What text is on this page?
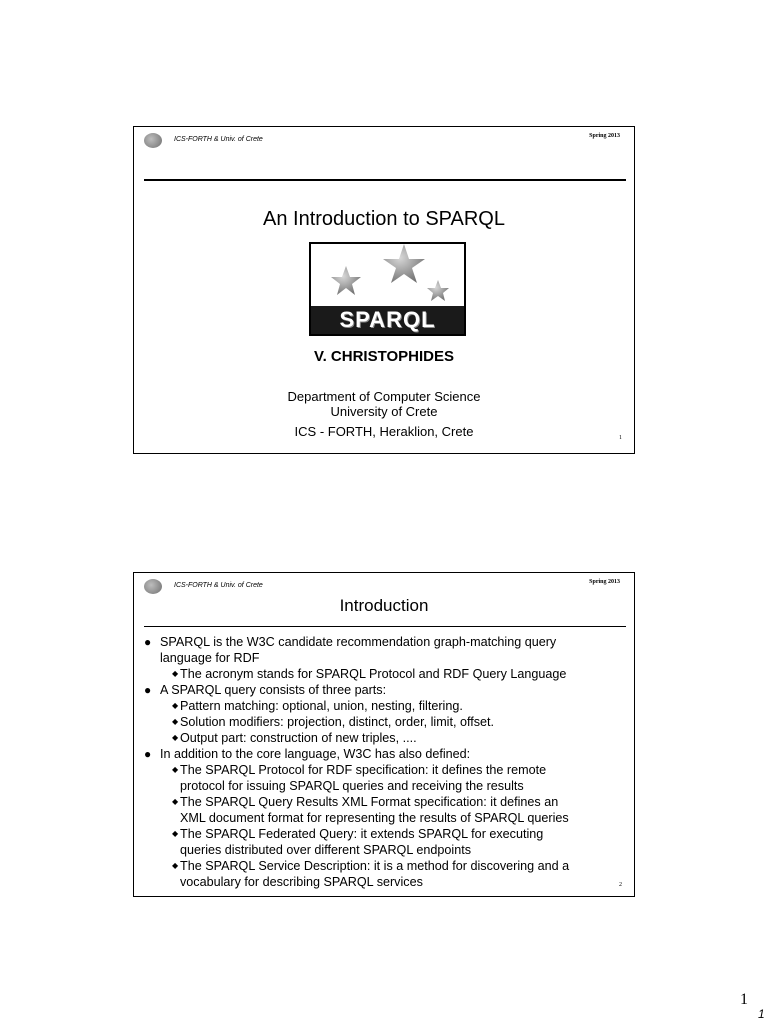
ICS-FORTH & Univ. of Crete	Spring 2013
An Introduction to SPARQL
SPARQL
V. CHRISTOPHIDES
Department of Computer Science
University of Crete
ICS - FORTH, Heraklion, Crete	1
ICS-FORTH & Univ. of Crete	Spring 2013
Introduction
● SPARQL is the W3C candidate recommendation graph-matching query
language for RDF
◆ The acronym stands for SPARQL Protocol and RDF Query Language
● A SPARQL query consists of three parts:
◆ Pattern matching: optional, union, nesting, filtering.
◆ Solution modifiers: projection, distinct, order, limit, offset.
◆ Output part: construction of new triples, ....
● In addition to the core language, W3C has also defined:
◆ The SPARQL Protocol for RDF specification: it defines the remote
protocol for issuing SPARQL queries and receiving the results
◆ The SPARQL Query Results XML Format specification: it defines an
XML document format for representing the results of SPARQL queries
◆ The SPARQL Federated Query: it extends SPARQL for executing
queries distributed over different SPARQL endpoints
◆ The SPARQL Service Description: it is a method for discovering and a
vocabulary for describing SPARQL services	2
1
1
